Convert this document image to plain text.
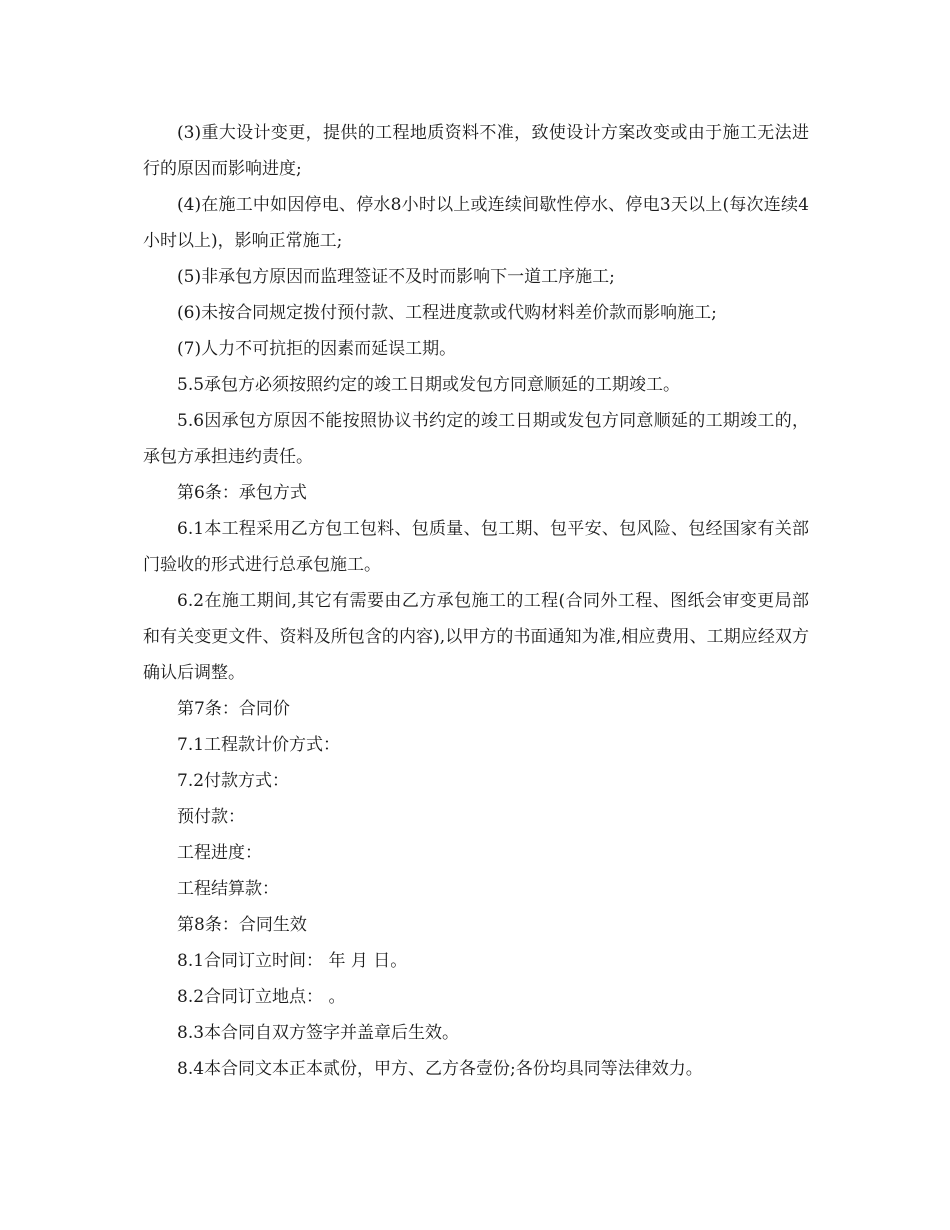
(3)重大设计变更，提供的工程地质资料不准，致使设计方案改变或由于施工无法进行的原因而影响进度;

(4)在施工中如因停电、停水8小时以上或连续间歇性停水、停电3天以上(每次连续4小时以上)，影响正常施工;

(5)非承包方原因而监理签证不及时而影响下一道工序施工;

(6)未按合同规定拨付预付款、工程进度款或代购材料差价款而影响施工;

(7)人力不可抗拒的因素而延误工期。

5.5承包方必须按照约定的竣工日期或发包方同意顺延的工期竣工。

5.6因承包方原因不能按照协议书约定的竣工日期或发包方同意顺延的工期竣工的，承包方承担违约责任。

第6条：承包方式

6.1本工程采用乙方包工包料、包质量、包工期、包平安、包风险、包经国家有关部门验收的形式进行总承包施工。

6.2在施工期间,其它有需要由乙方承包施工的工程(合同外工程、图纸会审变更局部和有关变更文件、资料及所包含的内容),以甲方的书面通知为准,相应费用、工期应经双方确认后调整。

第7条：合同价

7.1工程款计价方式：

7.2付款方式：

预付款：

工程进度：

工程结算款：

第8条：合同生效

8.1合同订立时间： 年 月 日。

8.2合同订立地点： 。

8.3本合同自双方签字并盖章后生效。

8.4本合同文本正本贰份，甲方、乙方各壹份;各份均具同等法律效力。
